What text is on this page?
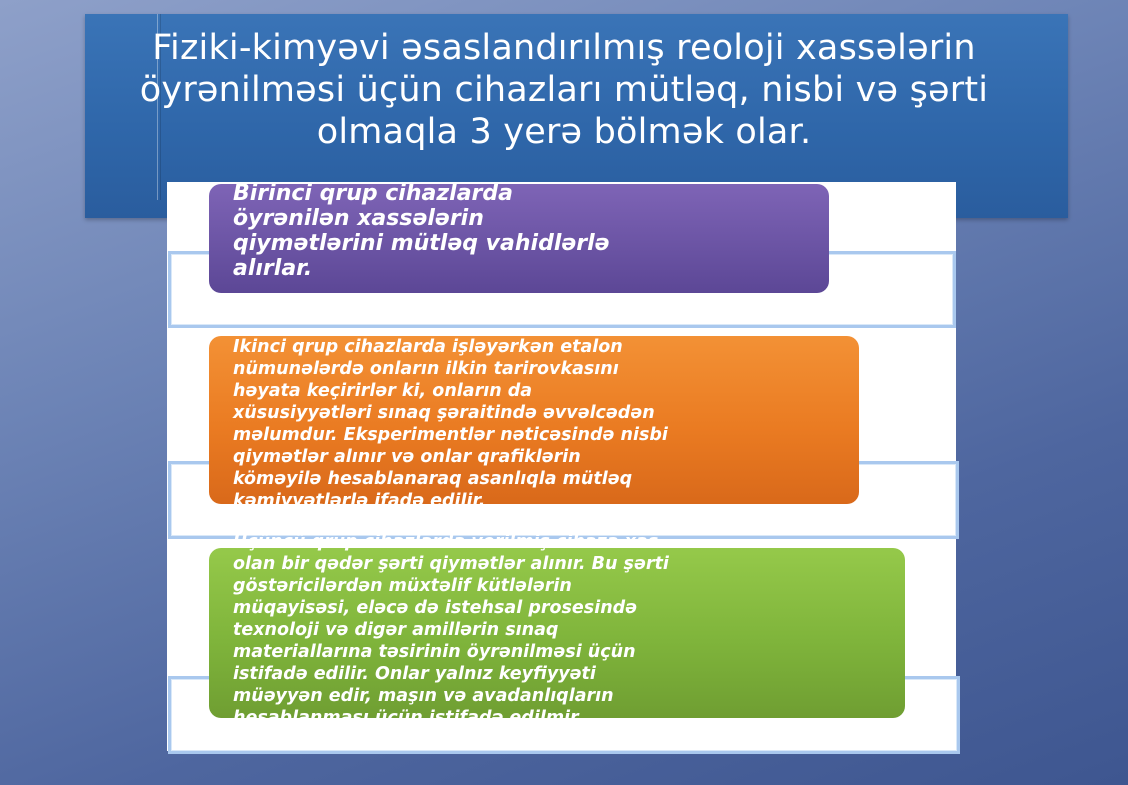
Fiziki-kimyəvi əsaslandırılmış reoloji xassələrin
öyrənilməsi üçün cihazları mütləq, nisbi və şərti
olmaqla 3 yerə bölmək olar.
Birinci qrup cihazlarda
öyrənilən xassələrin
qiymətlərini mütləq vahidlərlə
alırlar.
Ikinci qrup cihazlarda işləyərkən etalon
nümunələrdə onların ilkin tarirovkasını
həyata keçirirlər ki, onların da
xüsusiyyətləri sınaq şəraitində əvvəlcədən
məlumdur. Eksperimentlər nəticəsində nisbi
qiymətlər alınır və onlar qrafiklərin
köməyilə hesablanaraq asanlıqla mütləq
kəmiyyətlərlə ifadə edilir.
Üçüncü qrup cihazlarda verilmiş cihaza xas
olan bir qədər şərti qiymətlər alınır. Bu şərti
göstəricilərdən müxtəlif kütlələrin
müqayisəsi, eləcə də istehsal prosesində
texnoloji və digər amillərin sınaq
materiallarına təsirinin öyrənilməsi üçün
istifadə edilir. Onlar yalnız keyfiyyəti
müəyyən edir, maşın və avadanlıqların
hesablanması üçün istifadə edilmir.
